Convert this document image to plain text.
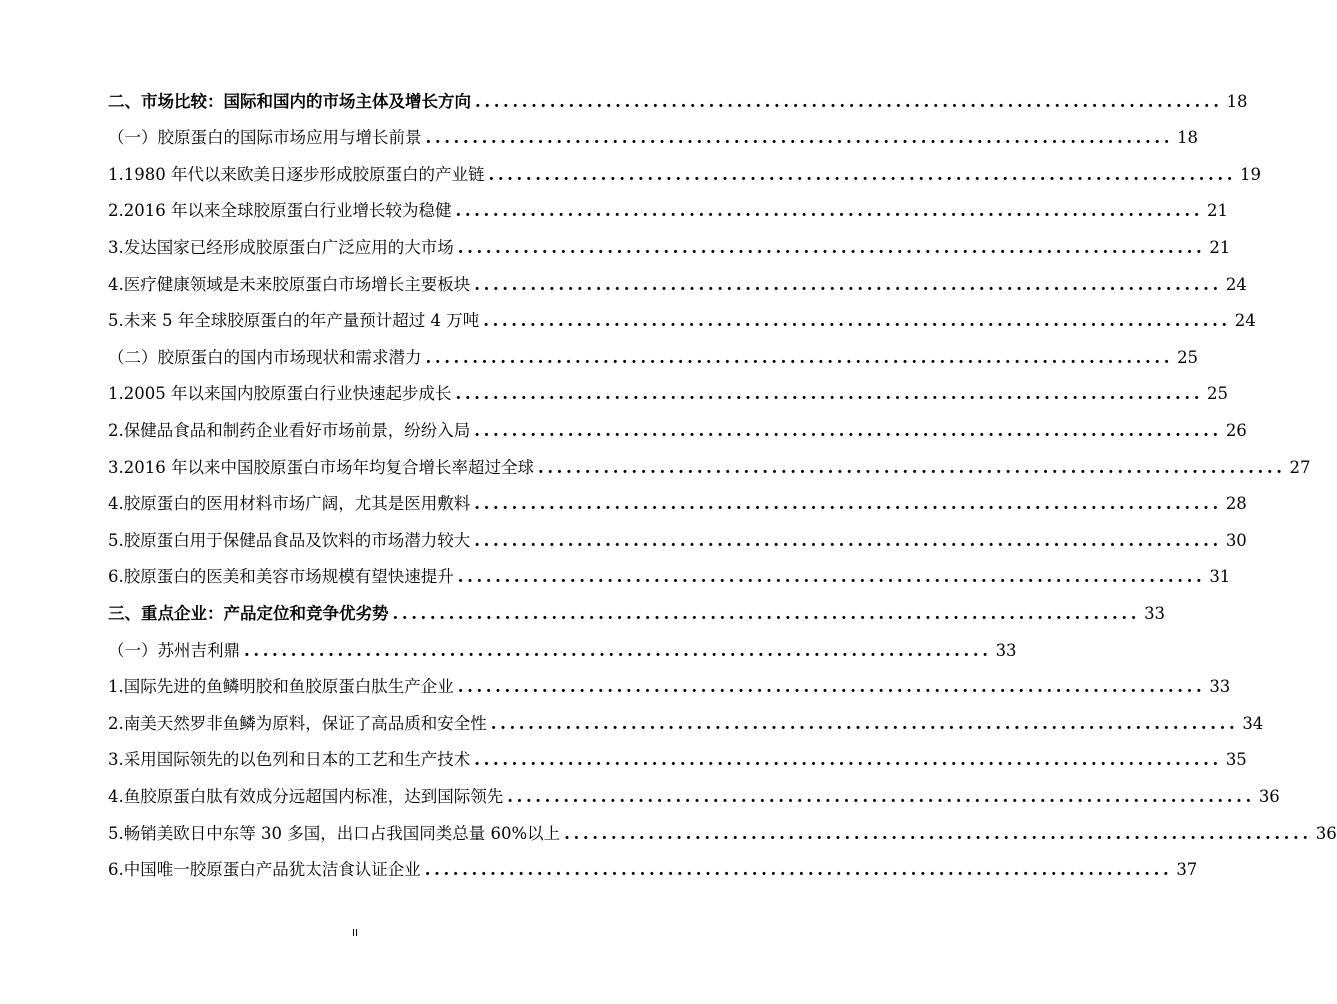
二、市场比较：国际和国内的市场主体及增长方向 ................................................................................ 18
（一）胶原蛋白的国际市场应用与增长前景 ................................................................................ 18
1.1980 年代以来欧美日逐步形成胶原蛋白的产业链 ................................................................................ 19
2.2016 年以来全球胶原蛋白行业增长较为稳健 ................................................................................ 21
3.发达国家已经形成胶原蛋白广泛应用的大市场 ................................................................................ 21
4.医疗健康领域是未来胶原蛋白市场增长主要板块 ................................................................................ 24
5.未来 5 年全球胶原蛋白的年产量预计超过 4 万吨 ................................................................................ 24
（二）胶原蛋白的国内市场现状和需求潜力 ................................................................................ 25
1.2005 年以来国内胶原蛋白行业快速起步成长 ................................................................................ 25
2.保健品食品和制药企业看好市场前景，纷纷入局 ................................................................................ 26
3.2016 年以来中国胶原蛋白市场年均复合增长率超过全球 ................................................................................ 27
4.胶原蛋白的医用材料市场广阔，尤其是医用敷料 ................................................................................ 28
5.胶原蛋白用于保健品食品及饮料的市场潜力较大 ................................................................................ 30
6.胶原蛋白的医美和美容市场规模有望快速提升 ................................................................................ 31
三、重点企业：产品定位和竞争优劣势 ................................................................................ 33
（一）苏州吉利鼎 ................................................................................ 33
1.国际先进的鱼鳞明胶和鱼胶原蛋白肽生产企业 ................................................................................ 33
2.南美天然罗非鱼鳞为原料，保证了高品质和安全性 ................................................................................ 34
3.采用国际领先的以色列和日本的工艺和生产技术 ................................................................................ 35
4.鱼胶原蛋白肽有效成分远超国内标准，达到国际领先 ................................................................................ 36
5.畅销美欧日中东等 30 多国，出口占我国同类总量 60%以上 ................................................................................ 36
6.中国唯一胶原蛋白产品犹太洁食认证企业 ................................................................................ 37
II
